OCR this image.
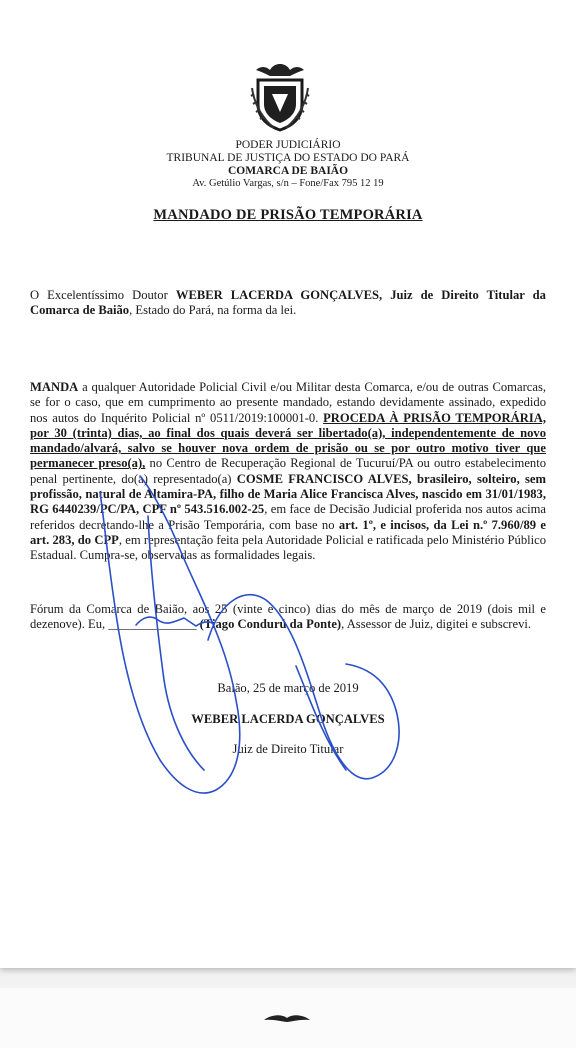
PODER JUDICIÁRIO
TRIBUNAL DE JUSTIÇA DO ESTADO DO PARÁ
COMARCA DE BAIÃO
Av. Getúlio Vargas, s/n – Fone/Fax 795 12 19
MANDADO DE PRISÃO TEMPORÁRIA
O Excelentíssimo Doutor WEBER LACERDA GONÇALVES, Juiz de Direito Titular da Comarca de Baião, Estado do Pará, na forma da lei.
MANDA a qualquer Autoridade Policial Civil e/ou Militar desta Comarca, e/ou de outras Comarcas, se for o caso, que em cumprimento ao presente mandado, estando devidamente assinado, expedido nos autos do Inquérito Policial nº 0511/2019:100001-0. PROCEDA À PRISÃO TEMPORÁRIA, por 30 (trinta) dias, ao final dos quais deverá ser libertado(a), independentemente de novo mandado/alvará, salvo se houver nova ordem de prisão ou se por outro motivo tiver que permanecer preso(a), no Centro de Recuperação Regional de Tucuruí/PA ou outro estabelecimento penal pertinente, do(a) representado(a) COSME FRANCISCO ALVES, brasileiro, solteiro, sem profissão, natural de Altamira-PA, filho de Maria Alice Francisca Alves, nascido em 31/01/1983, RG 6440239/PC/PA, CPF nº 543.516.002-25, em face de Decisão Judicial proferida nos autos acima referidos decretando-lhe a Prisão Temporária, com base no art. 1º, e incisos, da Lei n.º 7.960/89 e art. 283, do CPP, em representação feita pela Autoridade Policial e ratificada pelo Ministério Público Estadual. Cumpra-se, observadas as formalidades legais.
Fórum da Comarca de Baião, aos 25 (vinte e cinco) dias do mês de março de 2019 (dois mil e dezenove). Eu, ______________ (Tiago Condurú da Ponte), Assessor de Juiz, digitei e subscrevi.
Baião, 25 de março de 2019
WEBER LACERDA GONÇALVES
Juiz de Direito Titular
